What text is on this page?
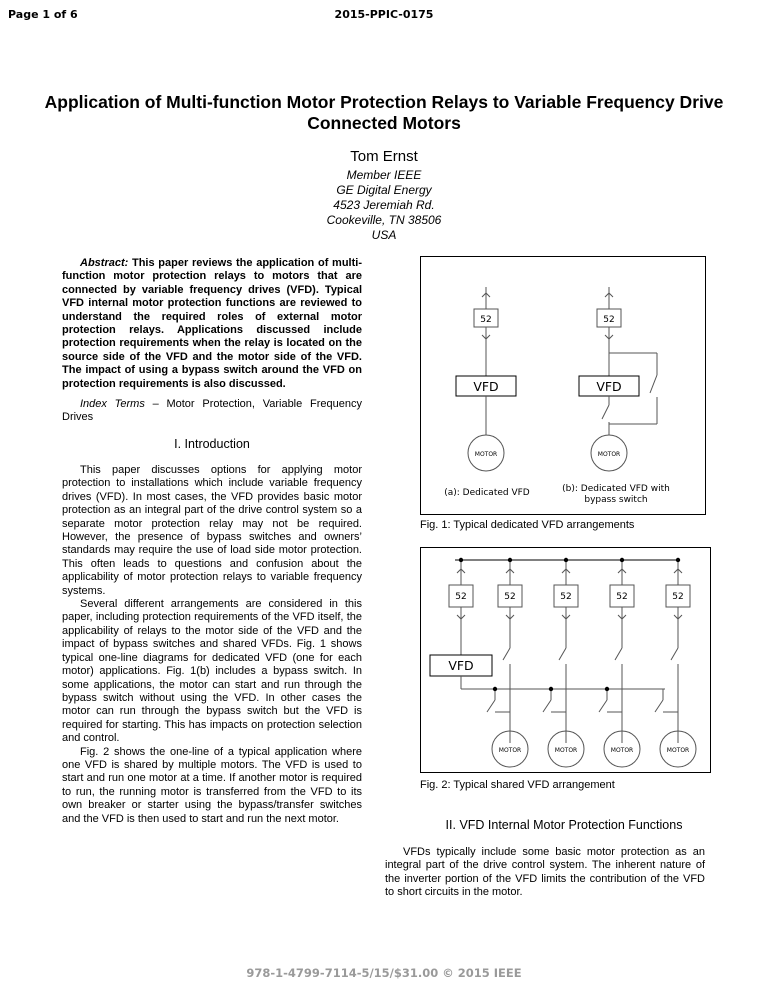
Page 1 of 6	2015-PPIC-0175
Application of Multi-function Motor Protection Relays to Variable Frequency Drive Connected Motors
Tom Ernst
Member IEEE
GE Digital Energy
4523 Jeremiah Rd.
Cookeville, TN 38506
USA

Abstract: This paper reviews the application of multi-function motor protection relays to motors that are connected by variable frequency drives (VFD). Typical VFD internal motor protection functions are reviewed to understand the required roles of external motor protection relays. Applications discussed include protection requirements when the relay is located on the source side of the VFD and the motor side of the VFD. The impact of using a bypass switch around the VFD on protection requirements is also discussed.

Index Terms – Motor Protection, Variable Frequency Drives

I. Introduction

This paper discusses options for applying motor protection to installations which include variable frequency drives (VFD). In most cases, the VFD provides basic motor protection as an integral part of the drive control system so a separate motor protection relay may not be required. However, the presence of bypass switches and owners’ standards may require the use of load side motor protection. This often leads to questions and confusion about the applicability of motor protection relays to variable frequency systems.

Several different arrangements are considered in this paper, including protection requirements of the VFD itself, the applicability of relays to the motor side of the VFD and the impact of bypass switches and shared VFDs. Fig. 1 shows typical one-line diagrams for dedicated VFD (one for each motor) applications. Fig. 1(b) includes a bypass switch. In some applications, the motor can start and run through the bypass switch without using the VFD. In other cases the motor can run through the bypass switch but the VFD is required for starting. This has impacts on protection selection and control.

Fig. 2 shows the one-line of a typical application where one VFD is shared by multiple motors. The VFD is used to start and run one motor at a time. If another motor is required to run, the running motor is transferred from the VFD to its own breaker or starter using the bypass/transfer switches and the VFD is then used to start and run the next motor.

52	52
VFD	VFD
MOTOR	MOTOR
(a): Dedicated VFD	(b): Dedicated VFD with
bypass switch
Fig. 1: Typical dedicated VFD arrangements
52	52	52	52	52
VFD
MOTOR	MOTOR	MOTOR	MOTOR
Fig. 2: Typical shared VFD arrangement
II. VFD Internal Motor Protection Functions

VFDs typically include some basic motor protection as an integral part of the drive control system. The inherent nature of the inverter portion of the VFD limits the contribution of the VFD to short circuits in the motor.

978-1-4799-7114-5/15/$31.00 © 2015 IEEE
